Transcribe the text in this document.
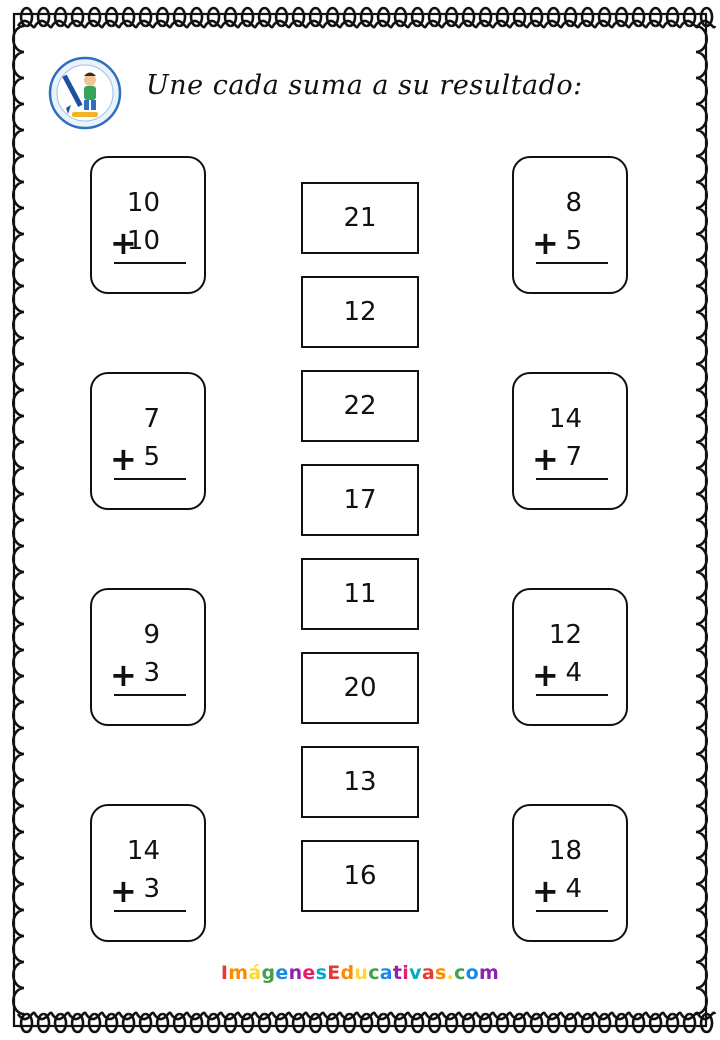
Une cada suma a su resultado:
10
+
10
7
+ 5
9
+ 3
14
+ 3
8
+ 5
14
+ 7
12
+ 4
18
+ 4
21
12
22
17
11
20
13
16
ImágenesEducativas.com
